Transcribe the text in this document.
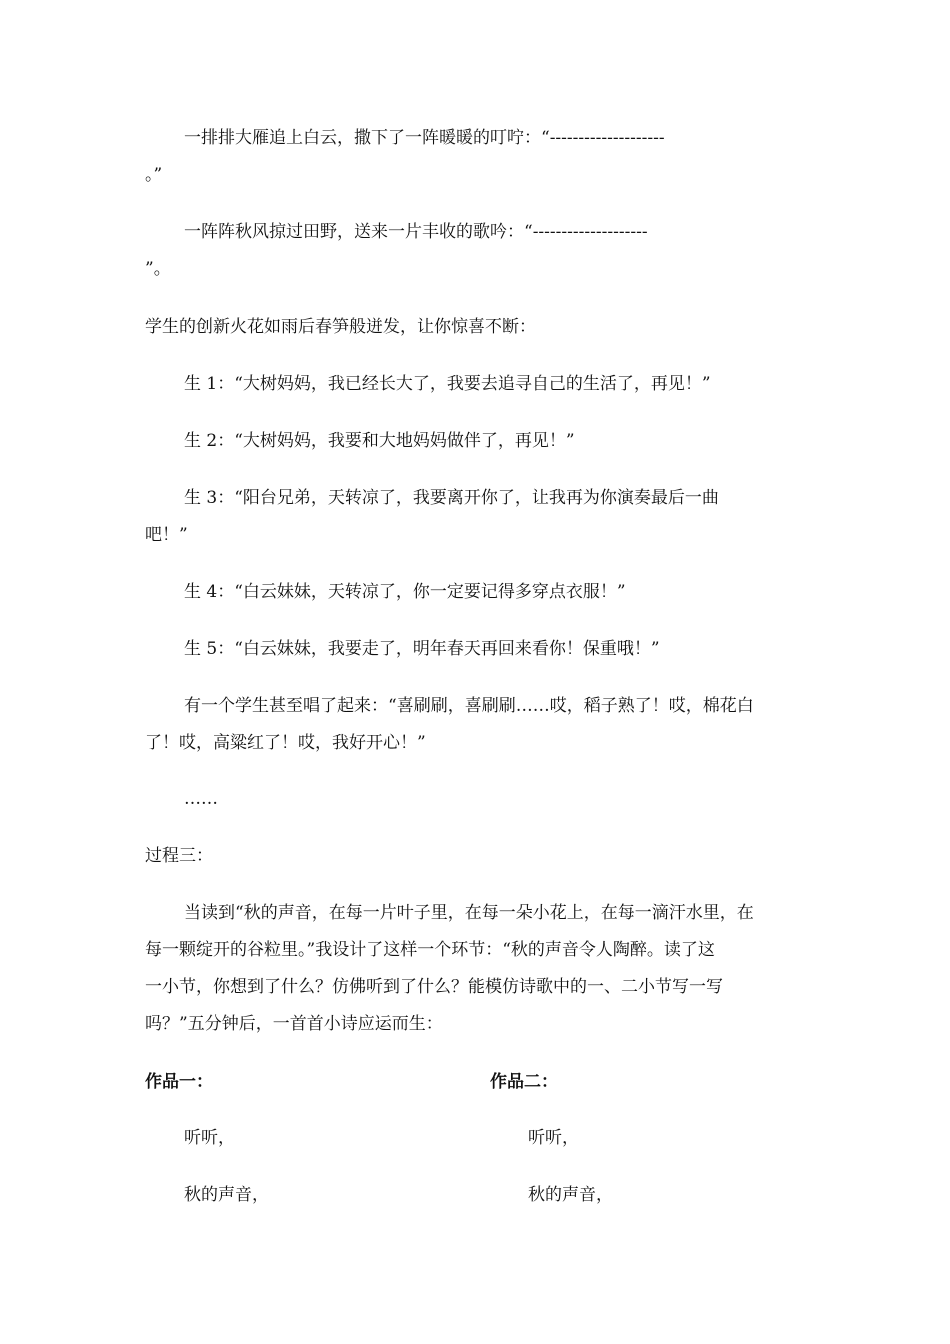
一排排大雁追上白云，撒下了一阵暖暖的叮咛：“--------------------
。”
一阵阵秋风掠过田野，送来一片丰收的歌吟：“--------------------
”。
学生的创新火花如雨后春笋般迸发，让你惊喜不断：
生 1：“大树妈妈，我已经长大了，我要去追寻自己的生活了，再见！”
生 2：“大树妈妈，我要和大地妈妈做伴了，再见！”
生 3：“阳台兄弟，天转凉了，我要离开你了，让我再为你演奏最后一曲
吧！”
生 4：“白云妹妹，天转凉了，你一定要记得多穿点衣服！”
生 5：“白云妹妹，我要走了，明年春天再回来看你！保重哦！”
有一个学生甚至唱了起来：“喜刷刷，喜刷刷……哎，稻子熟了！哎，棉花白
了！哎，高粱红了！哎，我好开心！”
……
过程三：
当读到“秋的声音，在每一片叶子里，在每一朵小花上，在每一滴汗水里，在
每一颗绽开的谷粒里。”我设计了这样一个环节：“秋的声音令人陶醉。读了这
一小节，你想到了什么？仿佛听到了什么？能模仿诗歌中的一、二小节写一写
吗？”五分钟后，一首首小诗应运而生：
作品一：	作品二：
听听，	听听，
秋的声音，	秋的声音，
